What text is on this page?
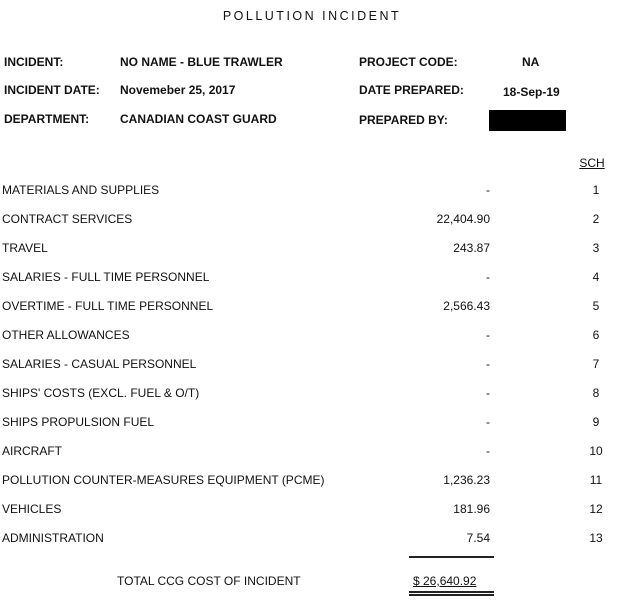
POLLUTION INCIDENT
INCIDENT:	NO NAME - BLUE TRAWLER
INCIDENT DATE: Novemeber 25, 2017
DEPARTMENT:	CANADIAN COAST GUARD
PROJECT CODE:	NA
DATE PREPARED:	18-Sep-19
PREPARED BY:
SCH
MATERIALS AND SUPPLIES	-	1
CONTRACT SERVICES	22,404.90	2
TRAVEL	243.87	3
SALARIES - FULL TIME PERSONNEL	-	4
OVERTIME - FULL TIME PERSONNEL	2,566.43	5
OTHER ALLOWANCES	-	6
SALARIES - CASUAL PERSONNEL	-	7
SHIPS' COSTS (EXCL. FUEL & O/T)	-	8
SHIPS PROPULSION FUEL	-	9
AIRCRAFT	-	10
POLLUTION COUNTER-MEASURES EQUIPMENT (PCME)	1,236.23	11
VEHICLES	181.96	12
ADMINISTRATION	7.54	13
TOTAL CCG COST OF INCIDENT	$ 26,640.92
